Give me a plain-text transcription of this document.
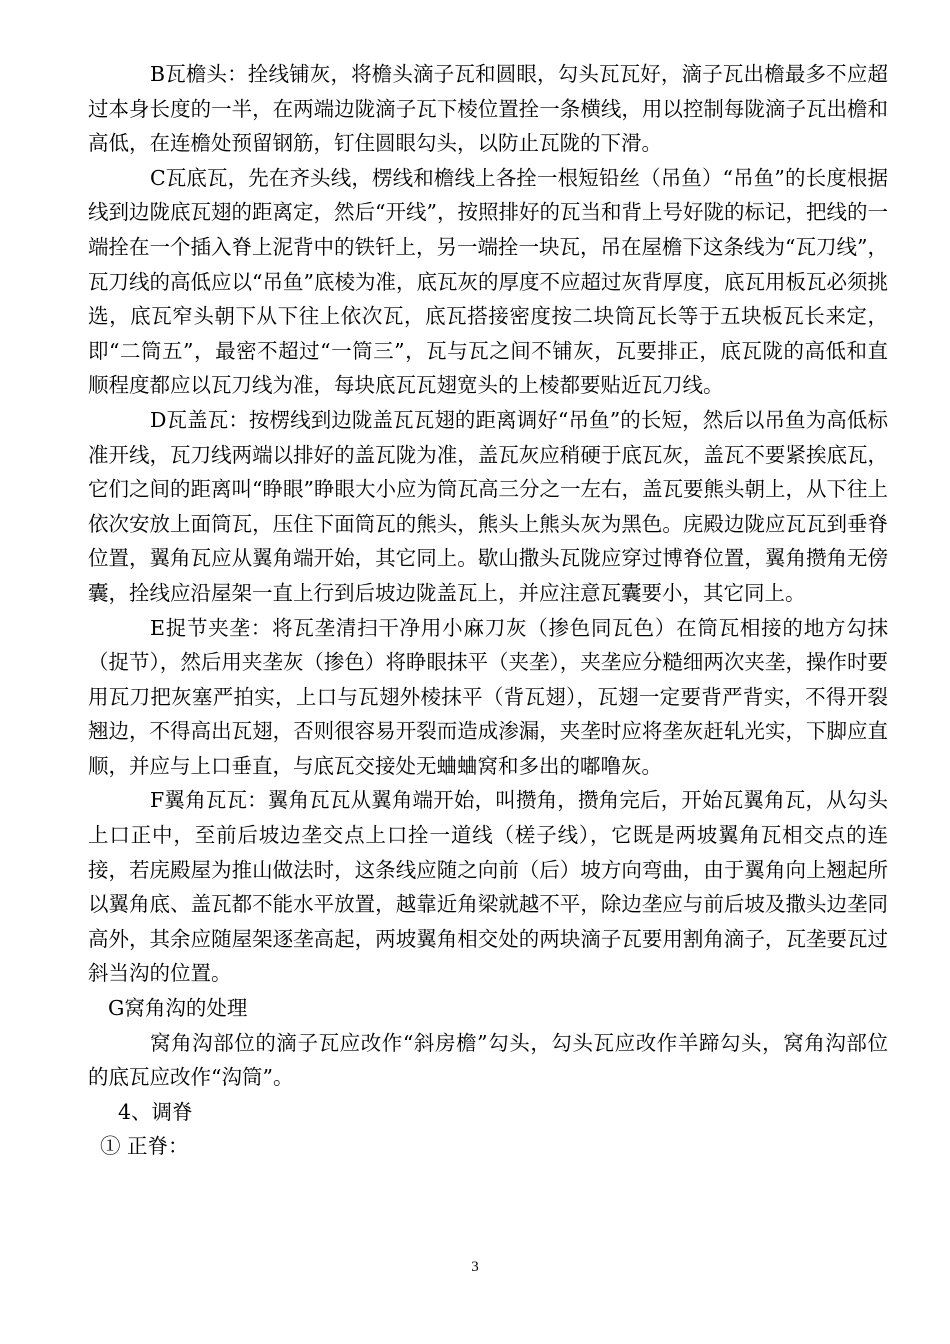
B瓦檐头：拴线铺灰，将檐头滴子瓦和圆眼，勾头瓦瓦好，滴子瓦出檐最多不应超过本身长度的一半，在两端边陇滴子瓦下棱位置拴一条横线，用以控制每陇滴子瓦出檐和高低，在连檐处预留钢筋，钉住圆眼勾头，以防止瓦陇的下滑。

C瓦底瓦，先在齐头线，楞线和檐线上各拴一根短铅丝（吊鱼）“吊鱼”的长度根据线到边陇底瓦翅的距离定，然后“开线”，按照排好的瓦当和背上号好陇的标记，把线的一端拴在一个插入脊上泥背中的铁钎上，另一端拴一块瓦，吊在屋檐下这条线为“瓦刀线”，瓦刀线的高低应以“吊鱼”底棱为准，底瓦灰的厚度不应超过灰背厚度，底瓦用板瓦必须挑选，底瓦窄头朝下从下往上依次瓦，底瓦搭接密度按二块筒瓦长等于五块板瓦长来定，即“二筒五”，最密不超过“一筒三”，瓦与瓦之间不铺灰，瓦要排正，底瓦陇的高低和直顺程度都应以瓦刀线为准，每块底瓦瓦翅宽头的上棱都要贴近瓦刀线。

D瓦盖瓦：按楞线到边陇盖瓦瓦翅的距离调好“吊鱼”的长短，然后以吊鱼为高低标准开线，瓦刀线两端以排好的盖瓦陇为准，盖瓦灰应稍硬于底瓦灰，盖瓦不要紧挨底瓦，它们之间的距离叫“睁眼”睁眼大小应为筒瓦高三分之一左右，盖瓦要熊头朝上，从下往上依次安放上面筒瓦，压住下面筒瓦的熊头，熊头上熊头灰为黑色。庑殿边陇应瓦瓦到垂脊位置，翼角瓦应从翼角端开始，其它同上。歇山撒头瓦陇应穿过博脊位置，翼角攒角无傍囊，拴线应沿屋架一直上行到后坡边陇盖瓦上，并应注意瓦囊要小，其它同上。

E捉节夹垄：将瓦垄清扫干净用小麻刀灰（掺色同瓦色）在筒瓦相接的地方勾抹（捉节），然后用夹垄灰（掺色）将睁眼抹平（夹垄），夹垄应分糙细两次夹垄，操作时要用瓦刀把灰塞严拍实，上口与瓦翅外棱抹平（背瓦翅），瓦翅一定要背严背实，不得开裂翘边，不得高出瓦翅，否则很容易开裂而造成渗漏，夹垄时应将垄灰赶轧光实，下脚应直顺，并应与上口垂直，与底瓦交接处无蛐蛐窝和多出的嘟噜灰。

F翼角瓦瓦：翼角瓦瓦从翼角端开始，叫攒角，攒角完后，开始瓦翼角瓦，从勾头上口正中，至前后坡边垄交点上口拴一道线（槎子线），它既是两坡翼角瓦相交点的连接，若庑殿屋为推山做法时，这条线应随之向前（后）坡方向弯曲，由于翼角向上翘起所以翼角底、盖瓦都不能水平放置，越靠近角梁就越不平，除边垄应与前后坡及撒头边垄同高外，其余应随屋架逐垄高起，两坡翼角相交处的两块滴子瓦要用割角滴子，瓦垄要瓦过斜当沟的位置。

G窝角沟的处理

窝角沟部位的滴子瓦应改作“斜房檐”勾头，勾头瓦应改作羊蹄勾头，窝角沟部位的底瓦应改作“沟筒”。

4、调脊

① 正脊：

3
